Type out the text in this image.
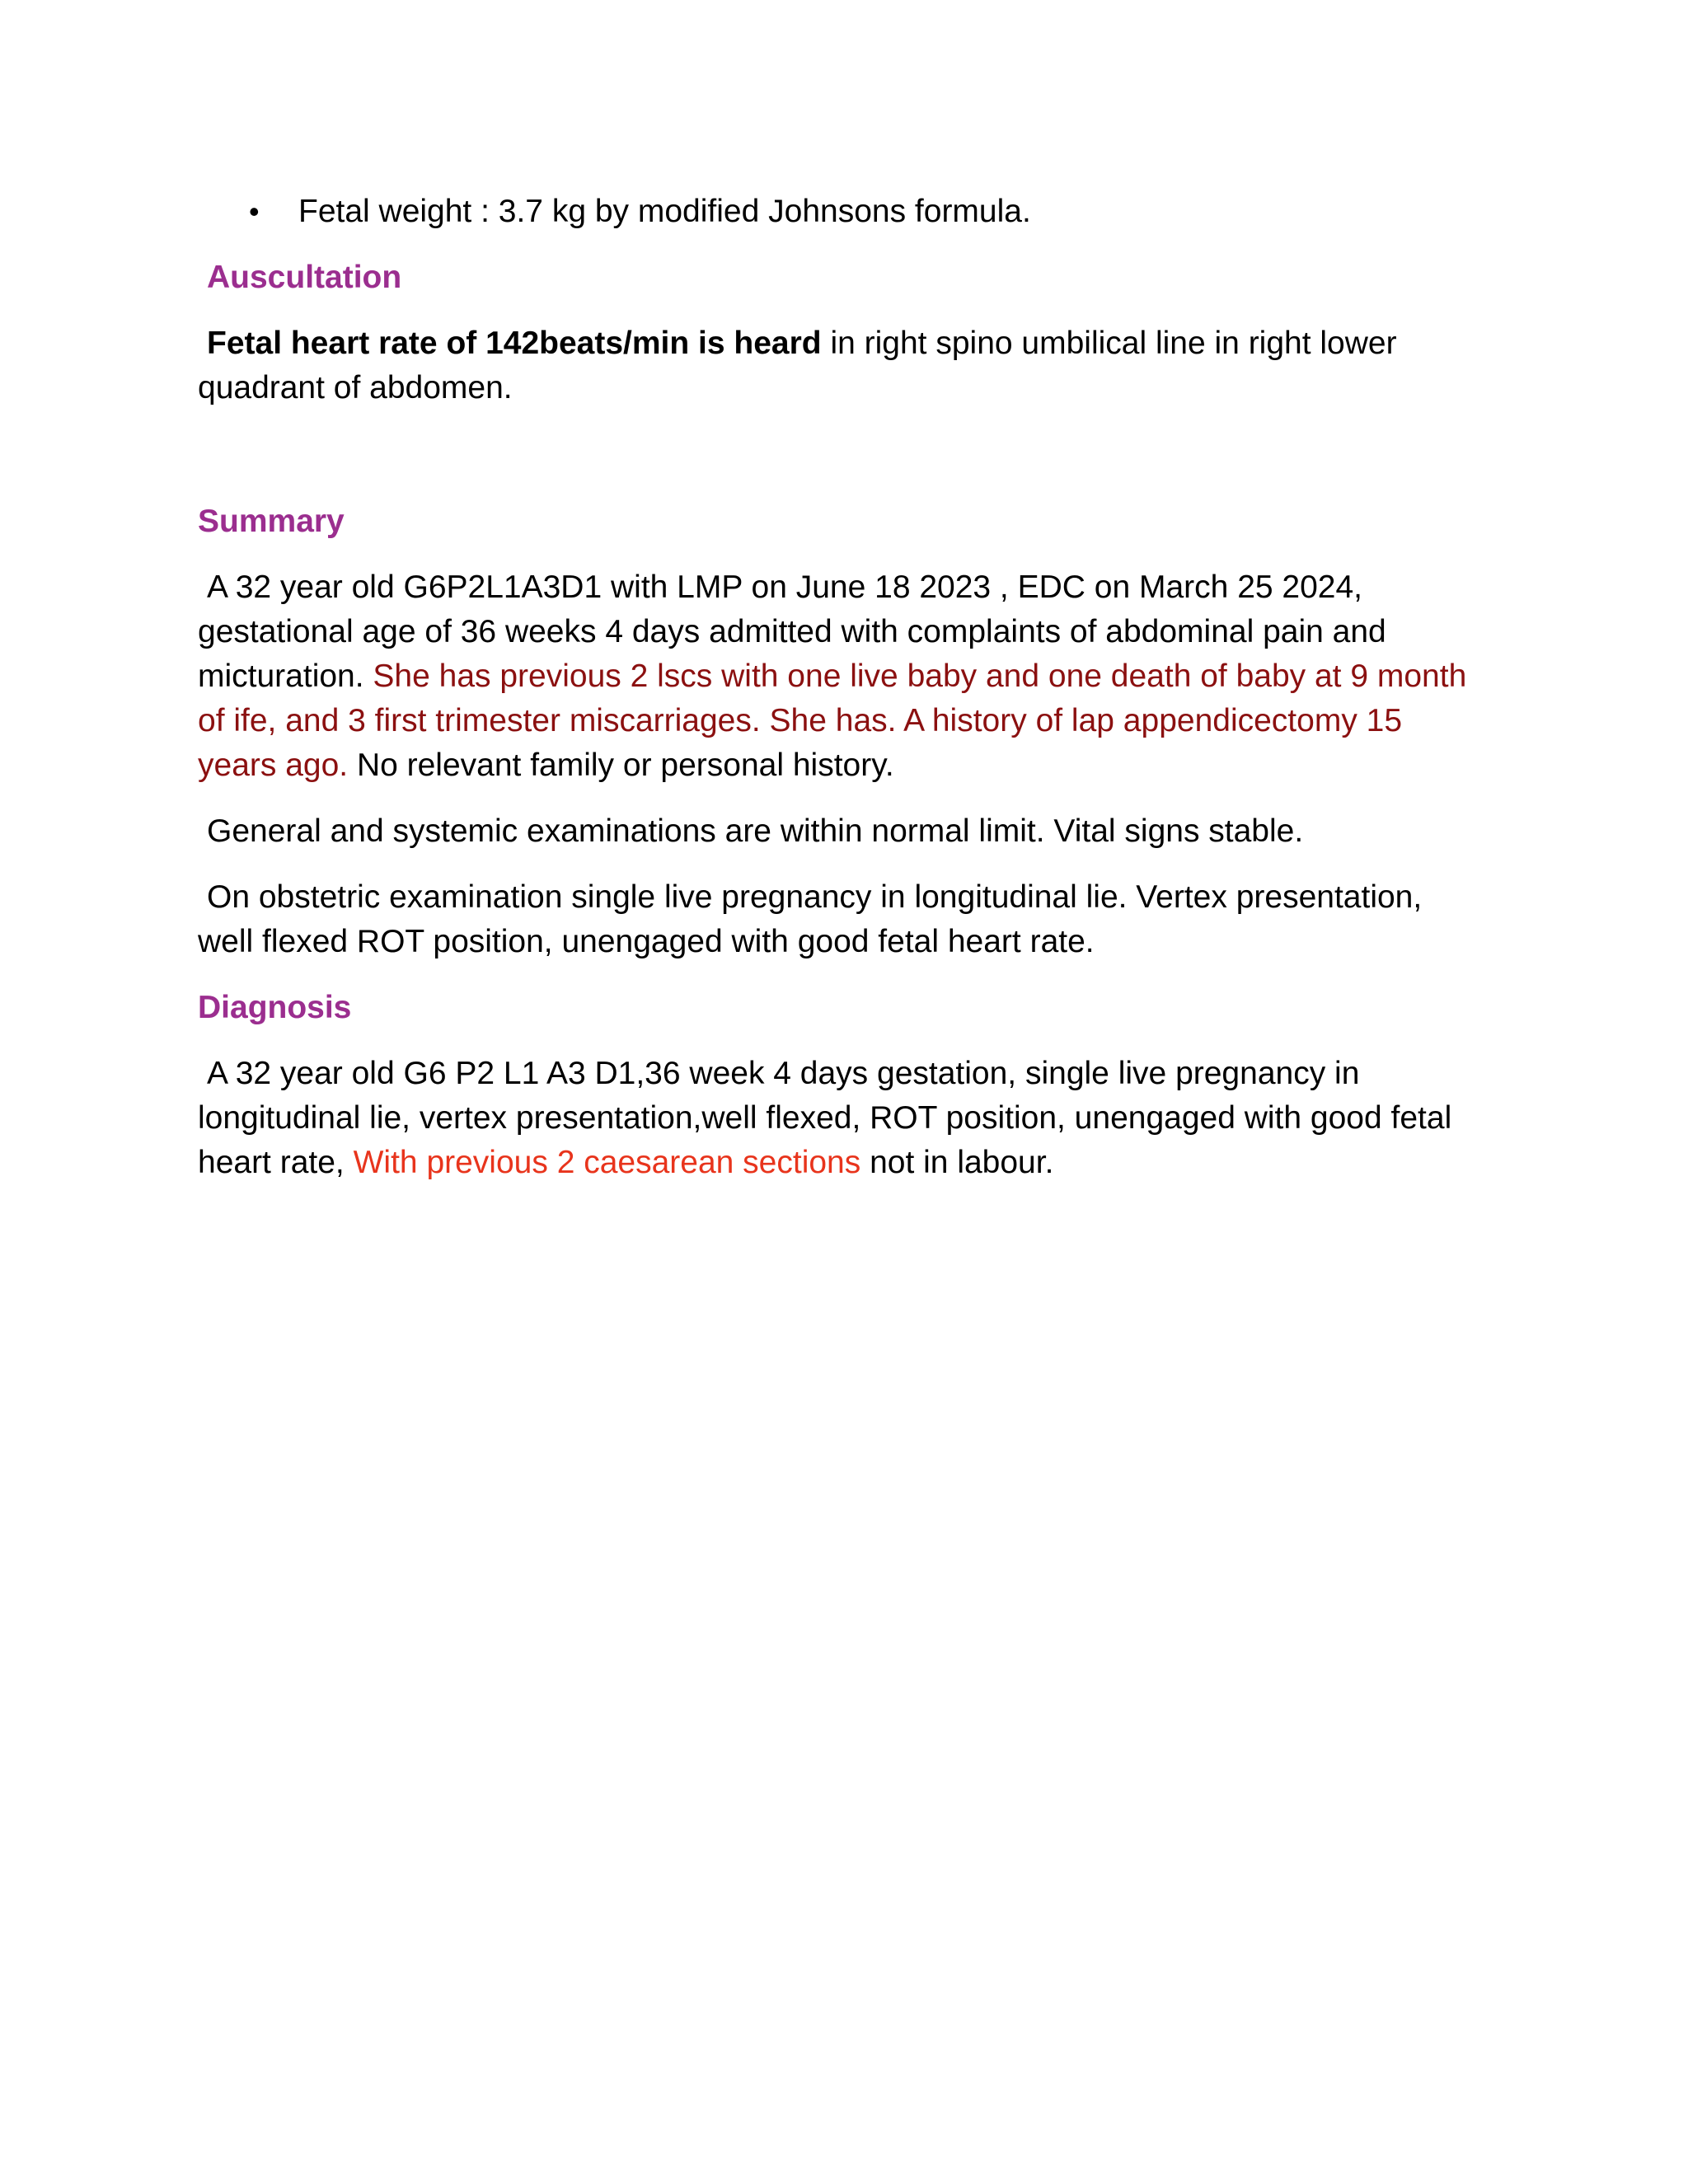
•	Fetal weight : 3.7 kg by modified Johnsons formula.
Auscultation
Fetal heart rate of 142beats/min is heard in right spino umbilical line in right lower quadrant of abdomen.
Summary
A 32 year old G6P2L1A3D1 with LMP on June 18 2023 , EDC on March 25 2024, gestational age of 36 weeks 4 days admitted with complaints of abdominal pain and micturation. She has previous 2 lscs with one live baby and one death of baby at 9 month of ife, and 3 first trimester miscarriages. She has. A history of lap appendicectomy 15 years ago. No relevant family or personal history.
General and systemic examinations are within normal limit. Vital signs stable.
On obstetric examination single live pregnancy in longitudinal lie. Vertex presentation, well flexed ROT position, unengaged with good fetal heart rate.
Diagnosis
A 32 year old G6 P2 L1 A3 D1,36 week 4 days gestation, single live pregnancy in longitudinal lie, vertex presentation,well flexed, ROT position, unengaged with good fetal heart rate, With previous 2 caesarean sections not in labour.
